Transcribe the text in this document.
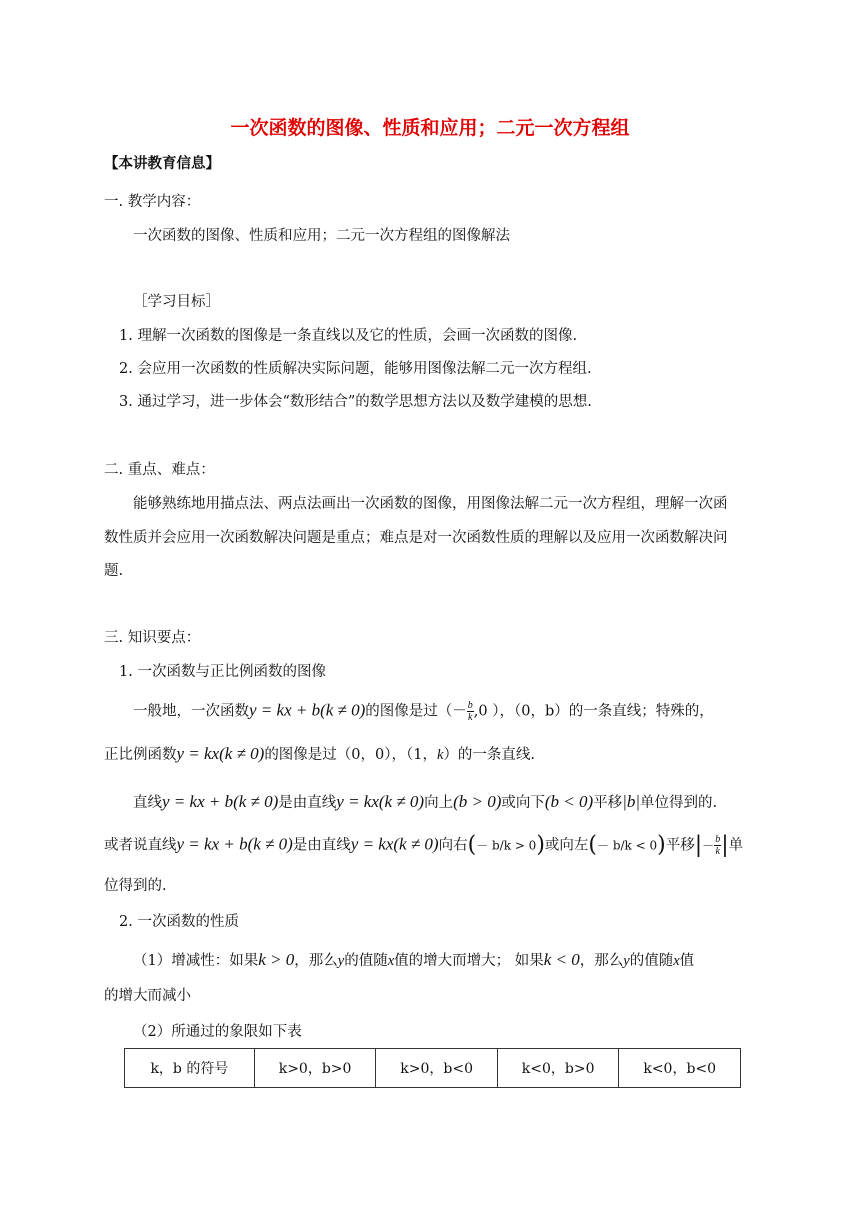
一次函数的图像、性质和应用；二元一次方程组
【本讲教育信息】
一. 教学内容：
一次函数的图像、性质和应用；二元一次方程组的图像解法
［学习目标］
1. 理解一次函数的图像是一条直线以及它的性质，会画一次函数的图像.
2. 会应用一次函数的性质解决实际问题，能够用图像法解二元一次方程组.
3. 通过学习，进一步体会“数形结合”的数学思想方法以及数学建模的思想.
二. 重点、难点：
能够熟练地用描点法、两点法画出一次函数的图像，用图像法解二元一次方程组，理解一次函
数性质并会应用一次函数解决问题是重点；难点是对一次函数性质的理解以及应用一次函数解决问
题.
三. 知识要点：
1. 一次函数与正比例函数的图像
一般地，一次函数y = kx + b(k ≠ 0)的图像是过（－ $\frac{b}{k} ,0$ ），（0，b）的一条直线；特殊的，
正比例函数y = kx(k ≠ 0)的图像是过（0，0），（1，k）的一条直线.
直线y = kx + b(k ≠ 0)是由直线y = kx(k ≠ 0)向上(b > 0)或向下(b < 0)平移|b|单位得到的.
或者说直线y = kx + b(k ≠ 0)是由直线y = kx(k ≠ 0)向右(－ b/k > 0)或向左(－ b/k < 0)平移|－ $\frac{b}{k}$ |单
位得到的.
2. 一次函数的性质
（1）增减性：如果k > 0，那么y的值随x值的增大而增大； 如果k < 0，那么y的值随x值
的增大而减小
（2）所通过的象限如下表
k，b 的符号	k>0，b>0	k>0，b<0	k<0，b>0	k<0，b<0
